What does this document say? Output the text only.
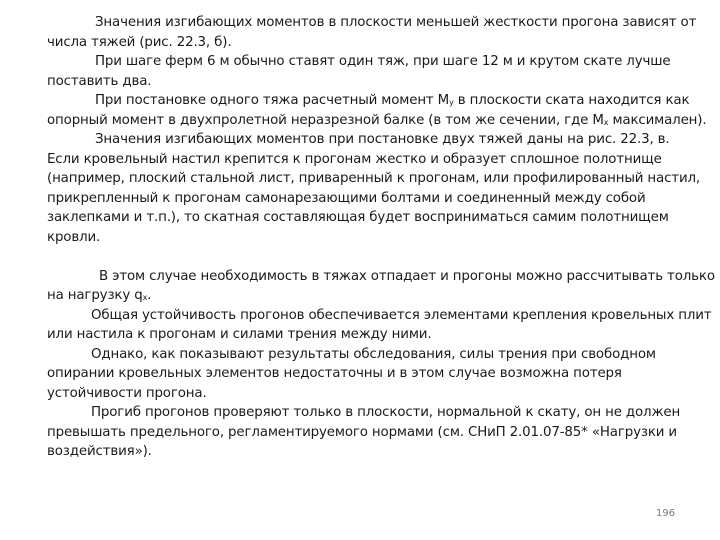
Значения изгибающих моментов в плоскости меньшей жесткости прогона зависят от числа тяжей (рис. 22.3, б).

При шаге ферм 6 м обычно ставят один тяж, при шаге 12 м и крутом скате лучше поставить два.

При постановке одного тяжа расчетный момент $M_y$ в плоскости ската находится как опорный момент в двухпролетной неразрезной балке (в том же сечении, где $M_x$ максимален).

Значения изгибающих моментов при постановке двух тяжей даны на рис. 22.3, в.

Если кровельный настил крепится к прогонам жестко и образует сплошное полотнище (например, плоский стальной лист, приваренный к прогонам, или профилированный настил, прикрепленный к прогонам самонарезающими болтами и соединенный между собой заклепками и т.п.), то скатная составляющая будет восприниматься самим полотнищем кровли.

В этом случае необходимость в тяжах отпадает и прогоны можно рассчитывать только на нагрузку $q_x$.

Общая устойчивость прогонов обеспечивается элементами крепления кровельных плит или настила к прогонам и силами трения между ними.

Однако, как показывают результаты обследования, силы трения при свободном опирании кровельных элементов недостаточны и в этом случае возможна потеря устойчивости прогона.

Прогиб прогонов проверяют только в плоскости, нормальной к скату, он не должен превышать предельного, регламентируемого нормами (см. СНиП 2.01.07-85* «Нагрузки и воздействия»).

196
